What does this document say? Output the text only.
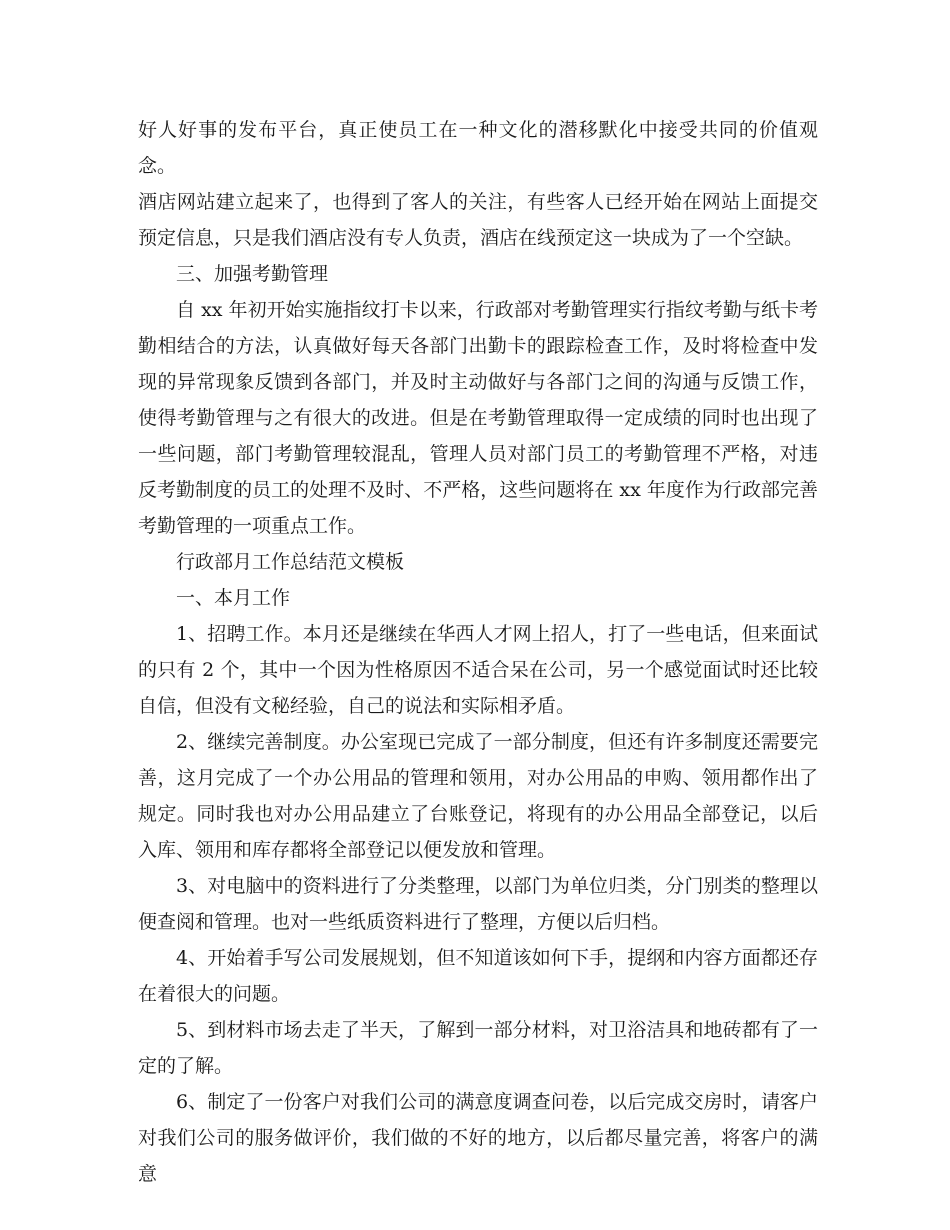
好人好事的发布平台，真正使员工在一种文化的潜移默化中接受共同的价值观念。

酒店网站建立起来了，也得到了客人的关注，有些客人已经开始在网站上面提交预定信息，只是我们酒店没有专人负责，酒店在线预定这一块成为了一个空缺。

三、加强考勤管理

自 xx 年初开始实施指纹打卡以来，行政部对考勤管理实行指纹考勤与纸卡考勤相结合的方法，认真做好每天各部门出勤卡的跟踪检查工作，及时将检查中发现的异常现象反馈到各部门，并及时主动做好与各部门之间的沟通与反馈工作，使得考勤管理与之有很大的改进。但是在考勤管理取得一定成绩的同时也出现了一些问题，部门考勤管理较混乱，管理人员对部门员工的考勤管理不严格，对违反考勤制度的员工的处理不及时、不严格，这些问题将在 xx 年度作为行政部完善考勤管理的一项重点工作。

行政部月工作总结范文模板

一、本月工作

1、招聘工作。本月还是继续在华西人才网上招人，打了一些电话，但来面试的只有 2 个，其中一个因为性格原因不适合呆在公司，另一个感觉面试时还比较自信，但没有文秘经验，自己的说法和实际相矛盾。

2、继续完善制度。办公室现已完成了一部分制度，但还有许多制度还需要完善，这月完成了一个办公用品的管理和领用，对办公用品的申购、领用都作出了规定。同时我也对办公用品建立了台账登记，将现有的办公用品全部登记，以后入库、领用和库存都将全部登记以便发放和管理。

3、对电脑中的资料进行了分类整理，以部门为单位归类，分门别类的整理以便查阅和管理。也对一些纸质资料进行了整理，方便以后归档。

4、开始着手写公司发展规划，但不知道该如何下手，提纲和内容方面都还存在着很大的问题。

5、到材料市场去走了半天，了解到一部分材料，对卫浴洁具和地砖都有了一定的了解。

6、制定了一份客户对我们公司的满意度调查问卷，以后完成交房时，请客户对我们公司的服务做评价，我们做的不好的地方，以后都尽量完善，将客户的满意
